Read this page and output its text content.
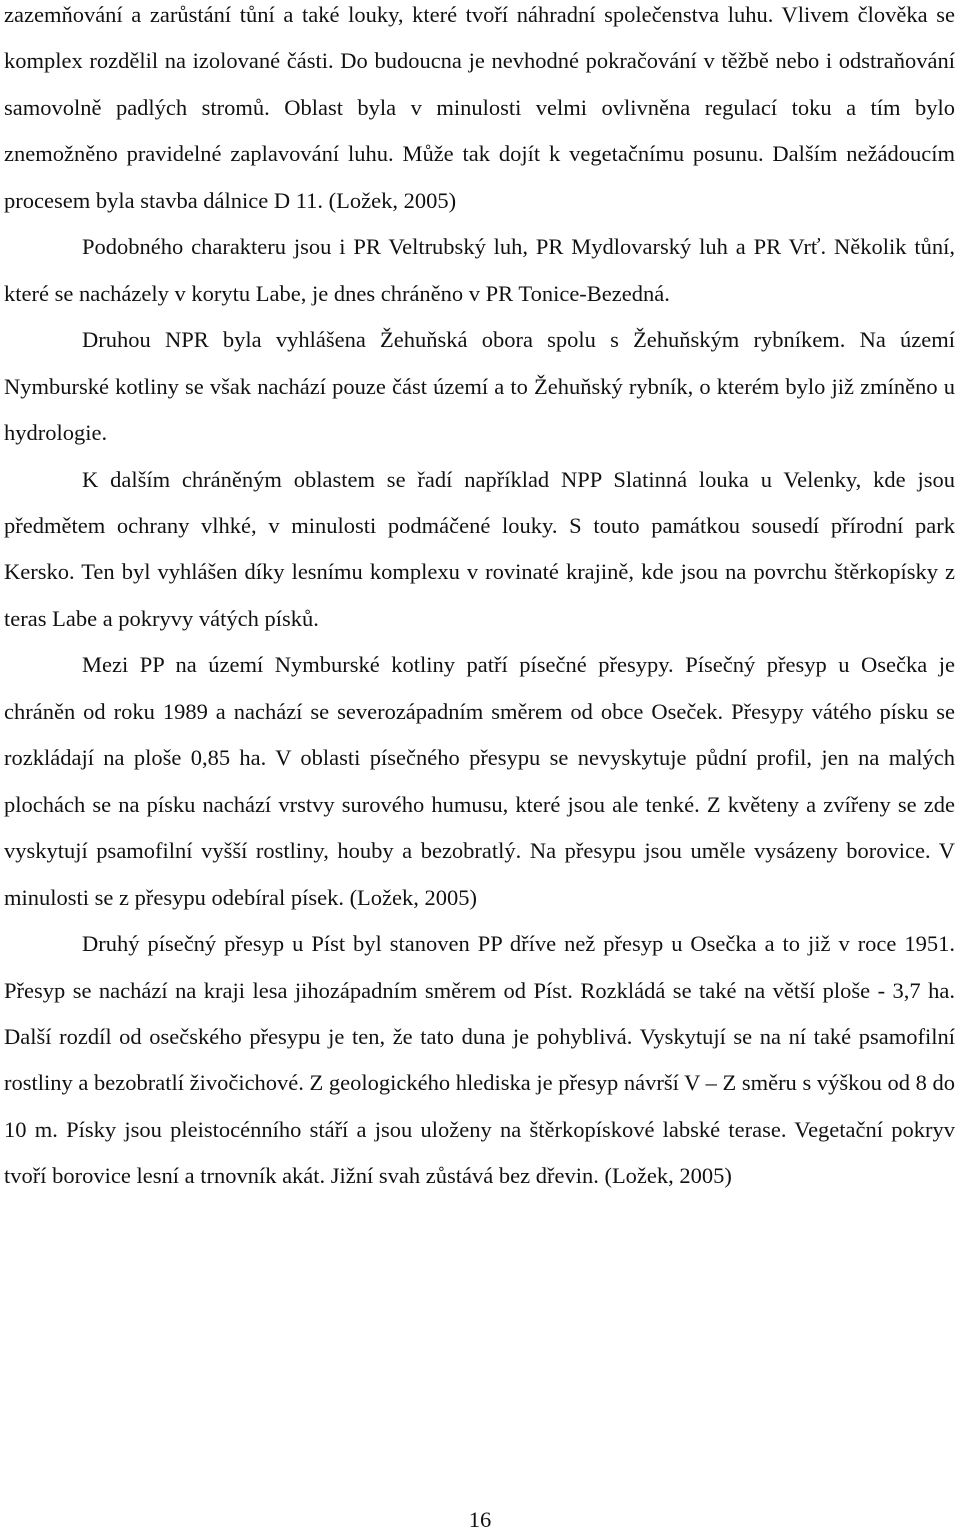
zazemňování a zarůstání tůní a také louky, které tvoří náhradní společenstva luhu. Vlivem člověka se komplex rozdělil na izolované části. Do budoucna je nevhodné pokračování v těžbě nebo i odstraňování samovolně padlých stromů. Oblast byla v minulosti velmi ovlivněna regulací toku a tím bylo znemožněno pravidelné zaplavování luhu. Může tak dojít k vegetačnímu posunu. Dalším nežádoucím procesem byla stavba dálnice D 11. (Ložek, 2005)

Podobného charakteru jsou i PR Veltrubský luh, PR Mydlovarský luh a PR Vrť. Několik tůní, které se nacházely v korytu Labe, je dnes chráněno v PR Tonice-Bezedná.

Druhou NPR byla vyhlášena Žehuňská obora spolu s Žehuňským rybníkem. Na území Nymburské kotliny se však nachází pouze část území a to Žehuňský rybník, o kterém bylo již zmíněno u hydrologie.

K dalším chráněným oblastem se řadí například NPP Slatinná louka u Velenky, kde jsou předmětem ochrany vlhké, v minulosti podmáčené louky. S touto památkou sousedí přírodní park Kersko. Ten byl vyhlášen díky lesnímu komplexu v rovinaté krajině, kde jsou na povrchu štěrkopísky z teras Labe a pokryvy vátých písků.

Mezi PP na území Nymburské kotliny patří písečné přesypy. Písečný přesyp u Osečka je chráněn od roku 1989 a nachází se severozápadním směrem od obce Oseček. Přesypy vátého písku se rozkládají na ploše 0,85 ha. V oblasti písečného přesypu se nevyskytuje půdní profil, jen na malých plochách se na písku nachází vrstvy surového humusu, které jsou ale tenké. Z květeny a zvířeny se zde vyskytují psamofilní vyšší rostliny, houby a bezobratlý. Na přesypu jsou uměle vysázeny borovice. V minulosti se z přesypu odebíral písek. (Ložek, 2005)

Druhý písečný přesyp u Píst byl stanoven PP dříve než přesyp u Osečka a to již v roce 1951. Přesyp se nachází na kraji lesa jihozápadním směrem od Píst. Rozkládá se také na větší ploše - 3,7 ha. Další rozdíl od osečského přesypu je ten, že tato duna je pohyblivá. Vyskytují se na ní také psamofilní rostliny a bezobratlí živočichové. Z geologického hlediska je přesyp návrší V – Z směru s výškou od 8 do 10 m. Písky jsou pleistocénního stáří a jsou uloženy na štěrkopískové labské terase. Vegetační pokryv tvoří borovice lesní a trnovník akát. Jižní svah zůstává bez dřevin. (Ložek, 2005)

16
